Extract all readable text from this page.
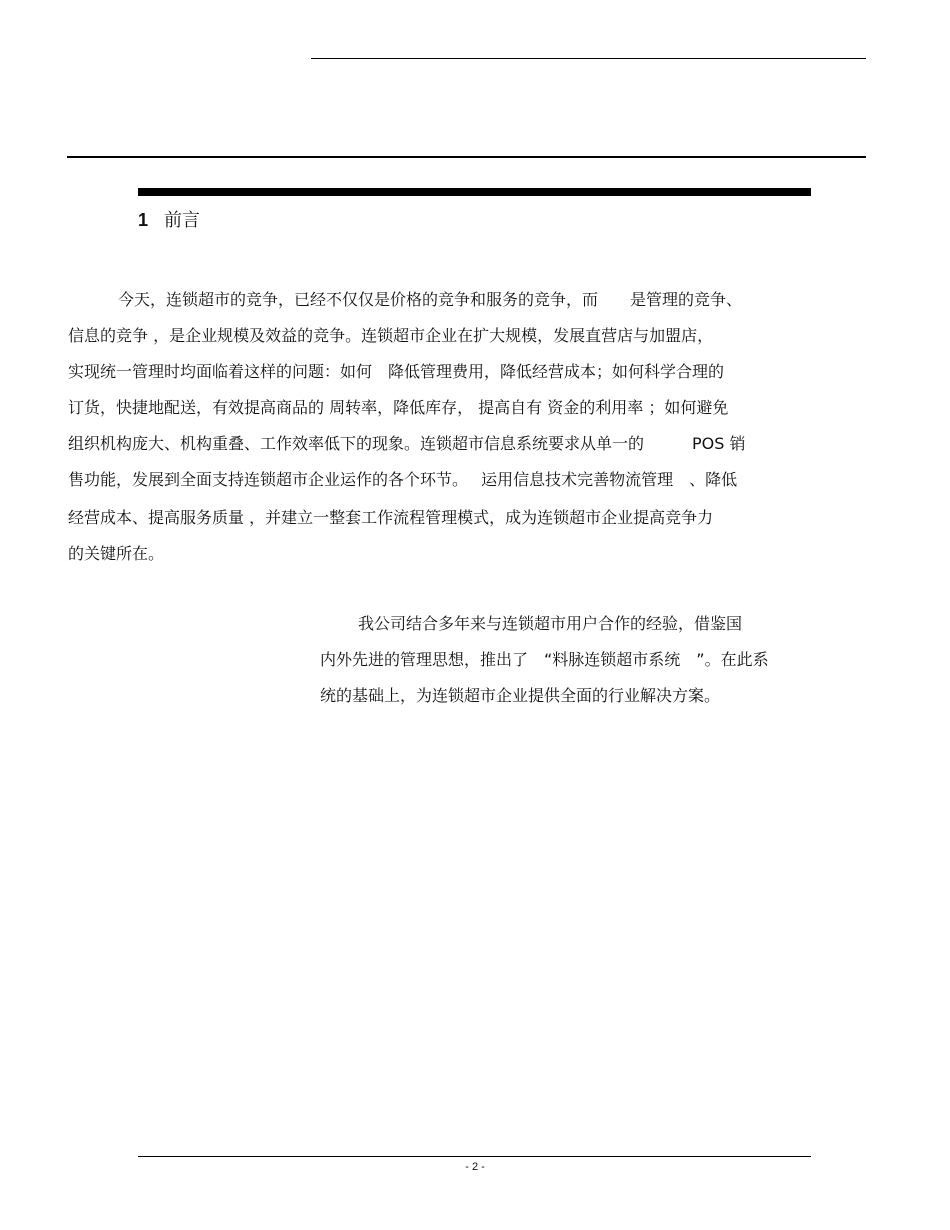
1 前言
今天，连锁超市的竞争，已经不仅仅是价格的竞争和服务的竞争，而　　是管理的竞争、
信息的竞争 ，是企业规模及效益的竞争。连锁超市企业在扩大规模，发展直营店与加盟店，
实现统一管理时均面临着这样的问题：如何　降低管理费用，降低经营成本；如何科学合理的
订货，快捷地配送，有效提高商品的 周转率，降低库存， 提高自有 资金的利用率 ；如何避免
组织机构庞大、机构重叠、工作效率低下的现象。连锁超市信息系统要求从单一的　　　POS 销
售功能，发展到全面支持连锁超市企业运作的各个环节。　 运用信息技术完善物流管理　、降低
经营成本、提高服务质量 ，并建立一整套工作流程管理模式，成为连锁超市企业提高竞争力
的关键所在。
我公司结合多年来与连锁超市用户合作的经验，借鉴国
内外先进的管理思想，推出了　“料脉连锁超市系统　”。在此系
统的基础上，为连锁超市企业提供全面的行业解决方案。
- 2 -
